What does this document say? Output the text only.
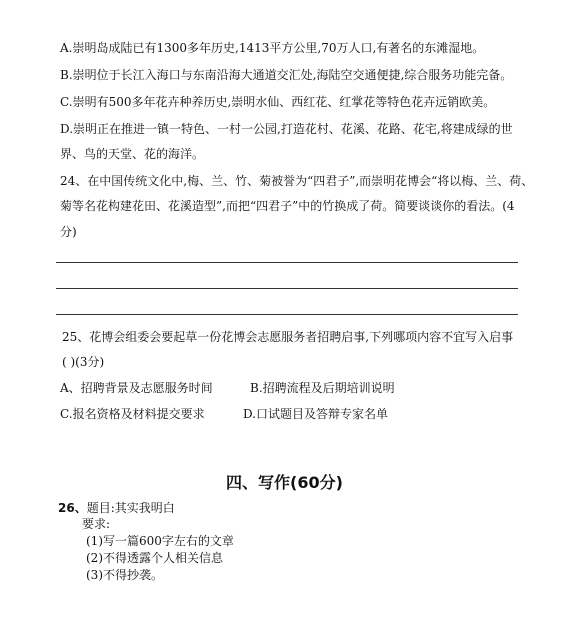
A.崇明岛成陆已有1300多年历史,1413平方公里,70万人口,有著名的东滩湿地。
B.崇明位于长江入海口与东南沿海大通道交汇处,海陆空交通便捷,综合服务功能完备。
C.崇明有500多年花卉种养历史,崇明水仙、西红花、红掌花等特色花卉远销欧美。
D.崇明正在推进一镇一特色、一村一公园,打造花村、花溪、花路、花宅,将建成绿的世
界、鸟的天堂、花的海洋。
24、在中国传统文化中,梅、兰、竹、菊被誉为“四君子”,而崇明花博会“将以梅、兰、荷、
菊等名花构建花田、花溪造型”,而把“四君子”中的竹换成了荷。简要谈谈你的看法。(4
分)
25、花博会组委会要起草一份花博会志愿服务者招聘启事,下列哪项内容不宜写入启事
( )(3分)
A、招聘背景及志愿服务时间	B.招聘流程及后期培训说明
C.报名资格及材料提交要求	D.口试题目及答辩专家名单
四、写作(60分)
26、题目:其实我明白
要求:
(1)写一篇600字左右的文章
(2)不得透露个人相关信息
(3)不得抄袭。
